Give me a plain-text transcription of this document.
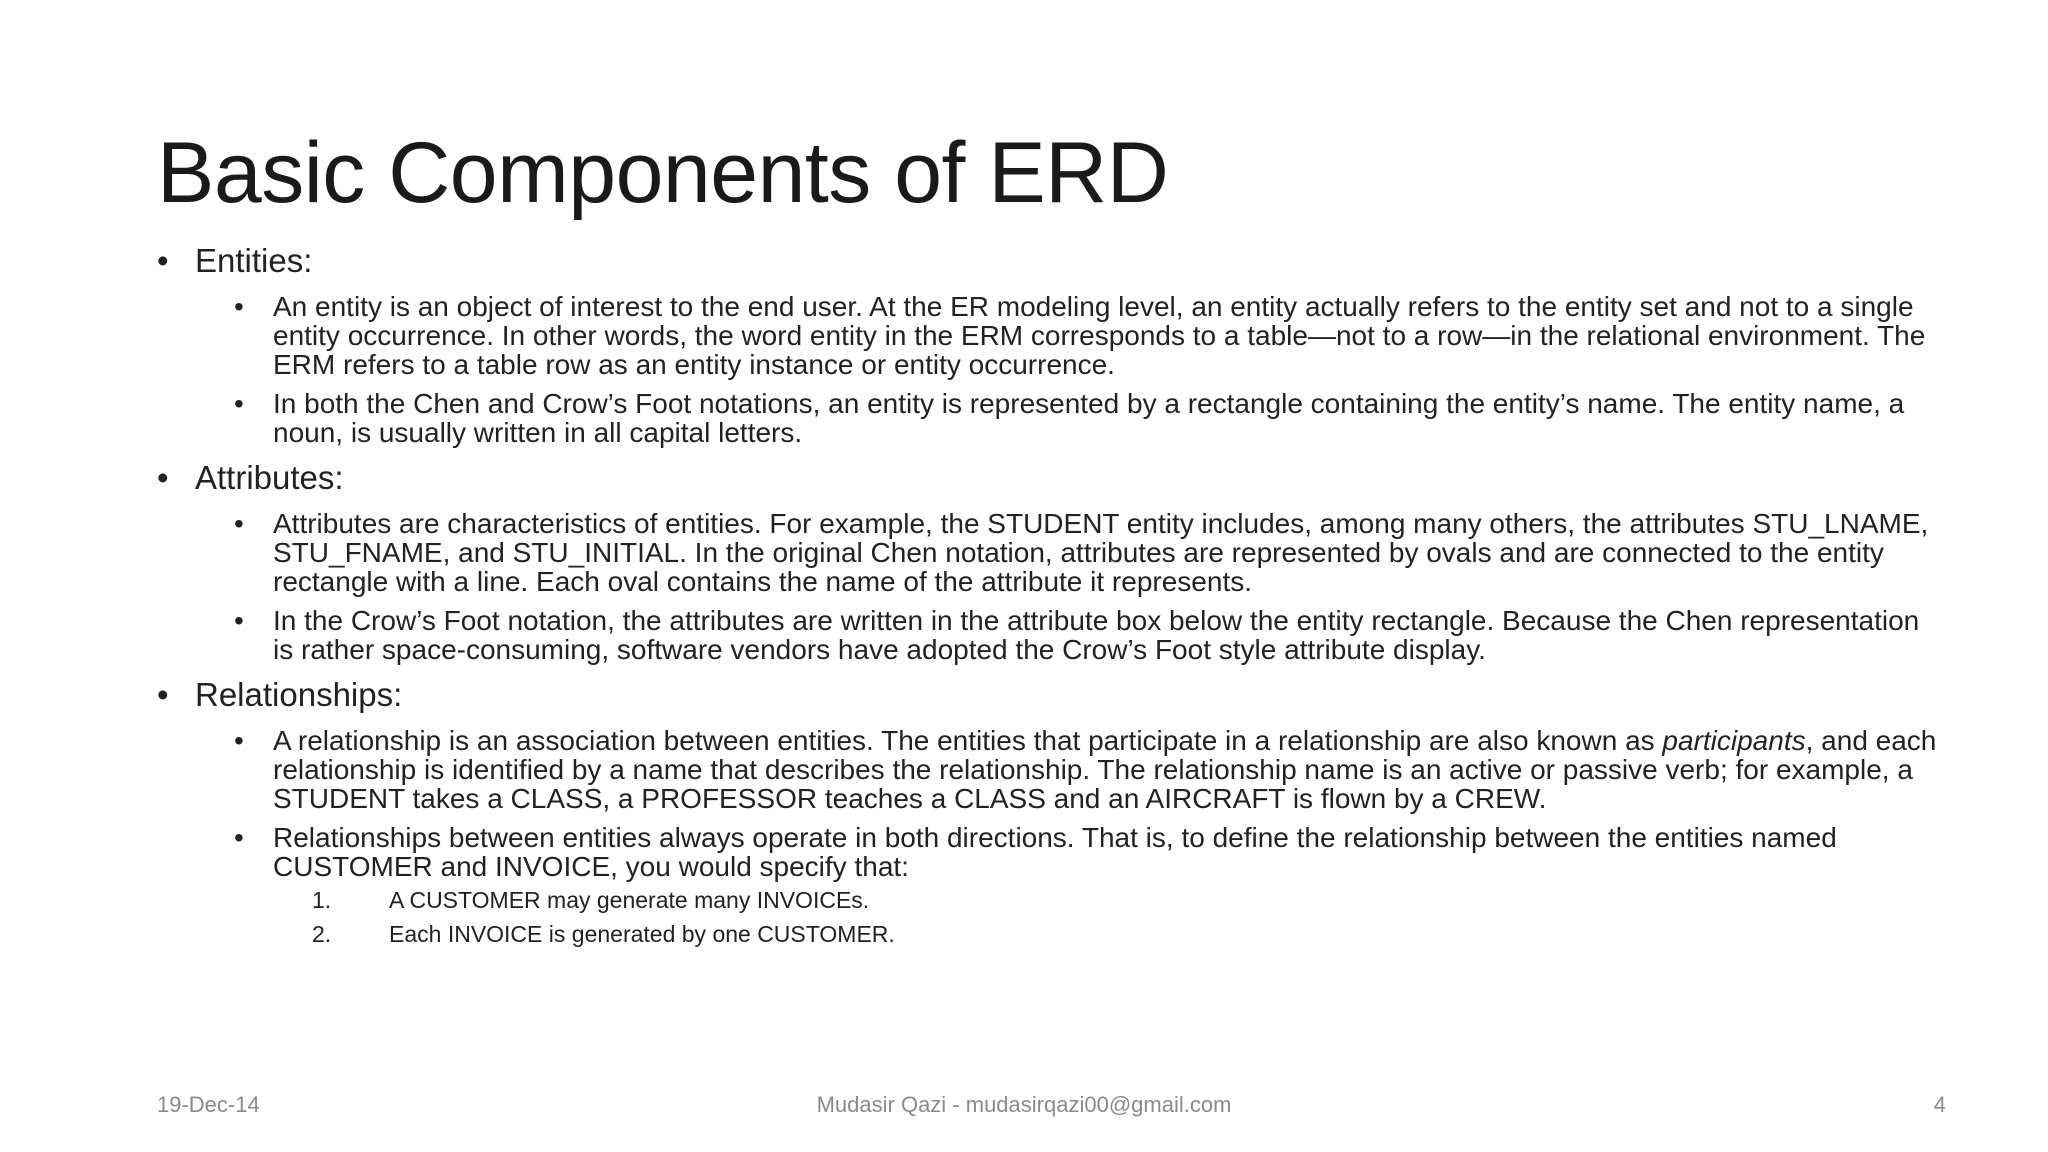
Basic Components of ERD
• Entities:
• An entity is an object of interest to the end user. At the ER modeling level, an entity actually refers to the entity set and not to a single entity occurrence. In other words, the word entity in the ERM corresponds to a table—not to a row—in the relational environment. The ERM refers to a table row as an entity instance or entity occurrence.
• In both the Chen and Crow’s Foot notations, an entity is represented by a rectangle containing the entity’s name. The entity name, a noun, is usually written in all capital letters.
• Attributes:
• Attributes are characteristics of entities. For example, the STUDENT entity includes, among many others, the attributes STU_LNAME, STU_FNAME, and STU_INITIAL. In the original Chen notation, attributes are represented by ovals and are connected to the entity rectangle with a line. Each oval contains the name of the attribute it represents.
• In the Crow’s Foot notation, the attributes are written in the attribute box below the entity rectangle. Because the Chen representation is rather space-consuming, software vendors have adopted the Crow’s Foot style attribute display.
• Relationships:
• A relationship is an association between entities. The entities that participate in a relationship are also known as participants, and each relationship is identified by a name that describes the relationship. The relationship name is an active or passive verb; for example, a STUDENT takes a CLASS, a PROFESSOR teaches a CLASS and an AIRCRAFT is flown by a CREW.
• Relationships between entities always operate in both directions. That is, to define the relationship between the entities named CUSTOMER and INVOICE, you would specify that:
1.	A CUSTOMER may generate many INVOICEs.
2.	Each INVOICE is generated by one CUSTOMER.
19-Dec-14	Mudasir Qazi - mudasirqazi00@gmail.com	4
